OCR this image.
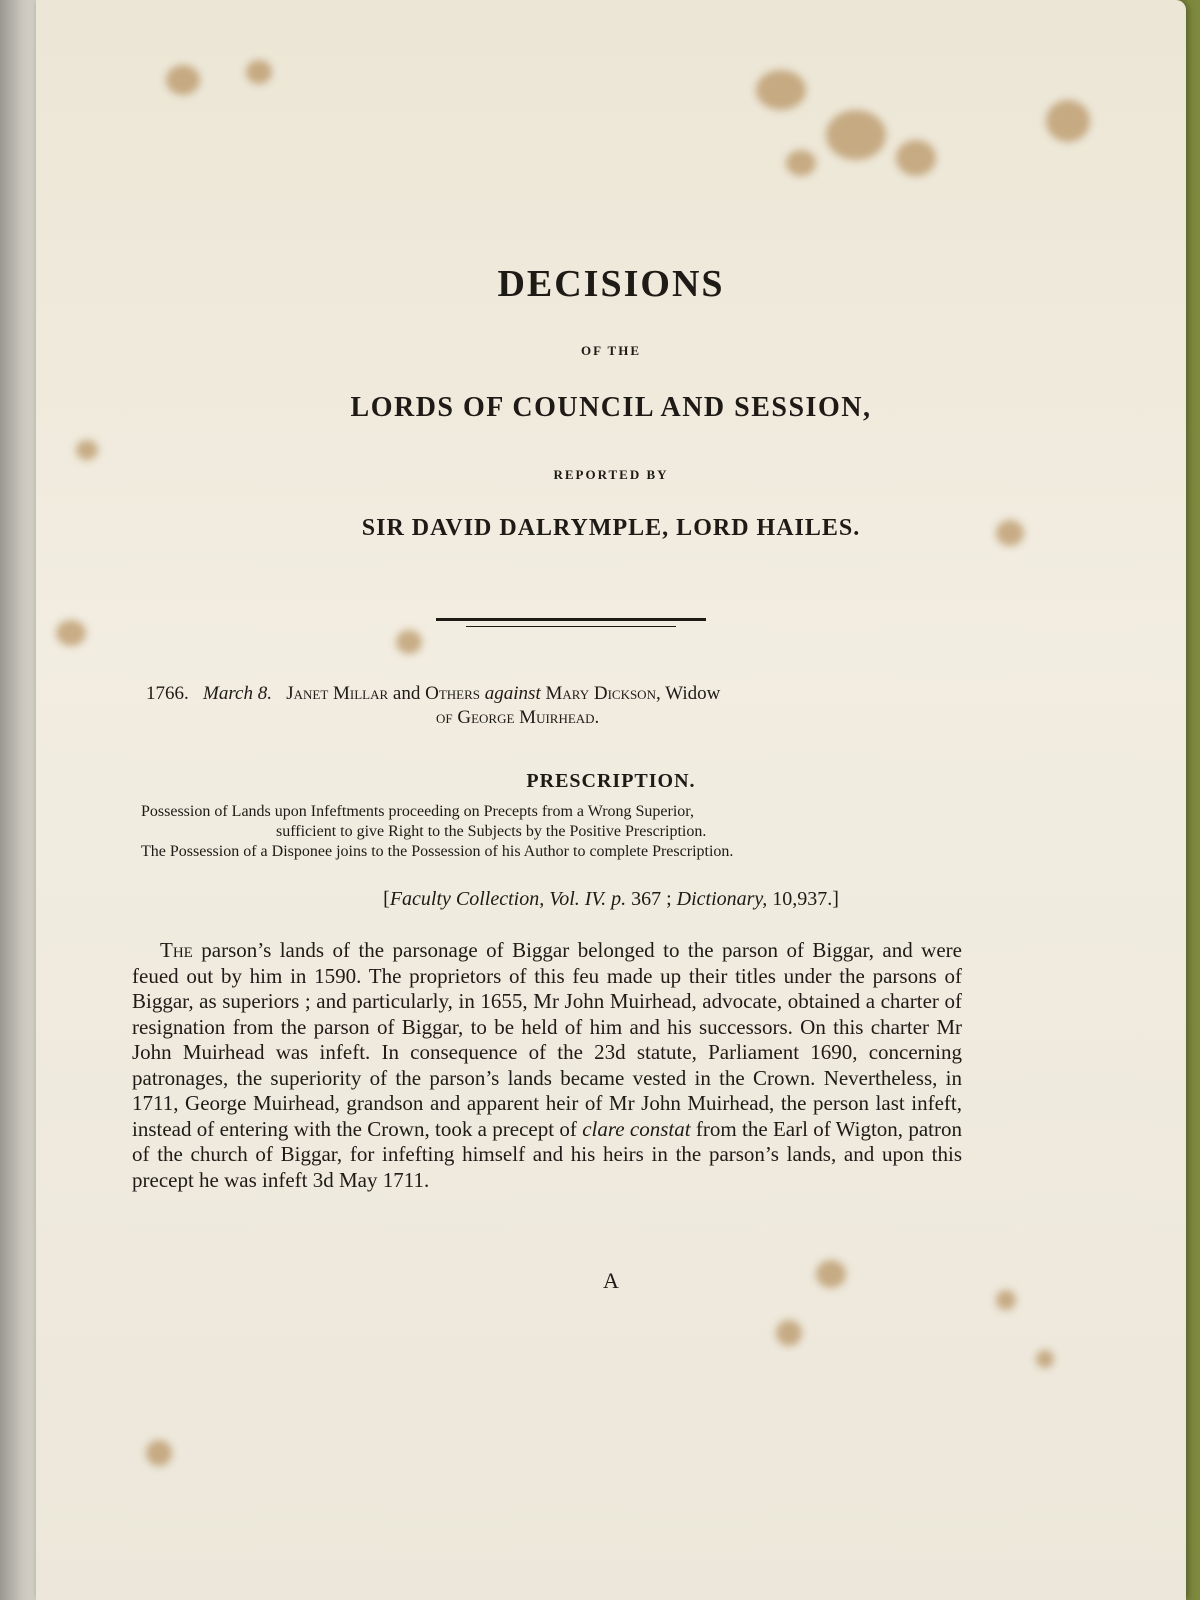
DECISIONS
OF THE
LORDS OF COUNCIL AND SESSION,
REPORTED BY
SIR DAVID DALRYMPLE, LORD HAILES.
1766. March 8. Janet Millar and Others against Mary Dickson, Widow
of George Muirhead.
PRESCRIPTION.
Possession of Lands upon Infeftments proceeding on Precepts from a Wrong Superior,
sufficient to give Right to the Subjects by the Positive Prescription.
The Possession of a Disponee joins to the Possession of his Author to complete Prescription.
[Faculty Collection, Vol. IV. p. 367 ; Dictionary, 10,937.]

The parson’s lands of the parsonage of Biggar belonged to the parson of Biggar, and were feued out by him in 1590. The proprietors of this feu made up their titles under the parsons of Biggar, as superiors ; and particularly, in 1655, Mr John Muirhead, advocate, obtained a charter of resignation from the parson of Biggar, to be held of him and his successors. On this charter Mr John Muirhead was infeft. In consequence of the 23d statute, Parliament 1690, concerning patronages, the superiority of the parson’s lands became vested in the Crown. Nevertheless, in 1711, George Muirhead, grandson and apparent heir of Mr John Muirhead, the person last infeft, instead of entering with the Crown, took a precept of clare constat from the Earl of Wigton, patron of the church of Biggar, for infefting himself and his heirs in the parson’s lands, and upon this precept he was infeft 3d May 1711.

A
